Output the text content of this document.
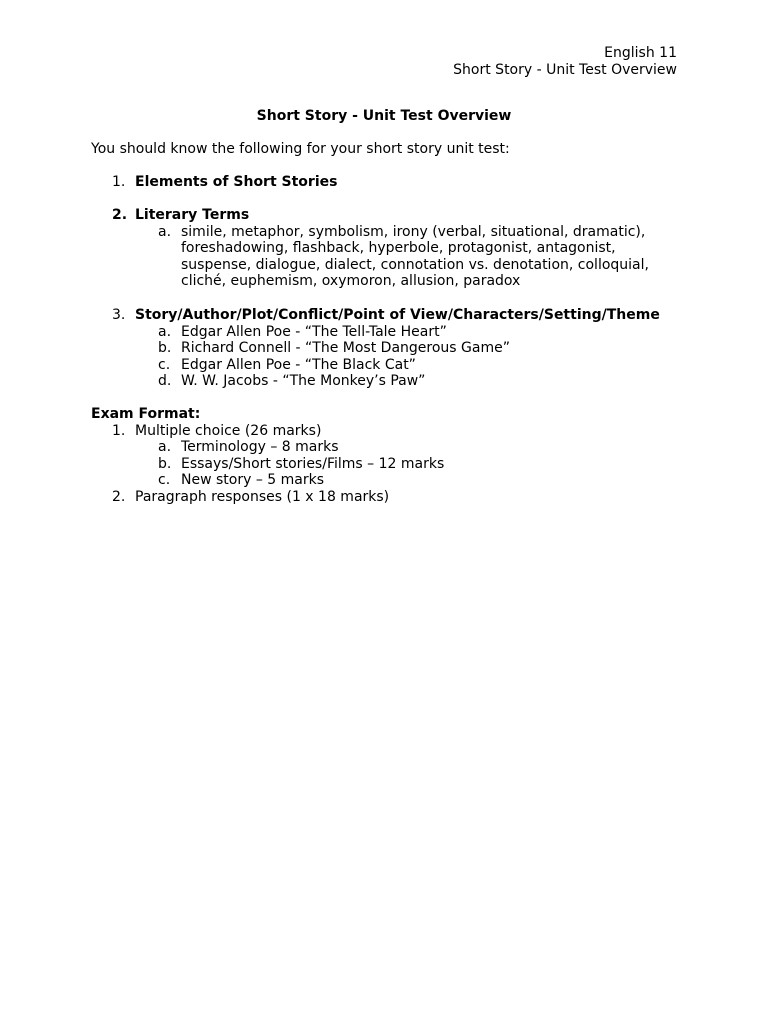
English 11
Short Story - Unit Test Overview
Short Story - Unit Test Overview
You should know the following for your short story unit test:
1. Elements of Short Stories
2. Literary Terms
a. simile, metaphor, symbolism, irony (verbal, situational, dramatic),
foreshadowing, flashback, hyperbole, protagonist, antagonist,
suspense, dialogue, dialect, connotation vs. denotation, colloquial,
cliché, euphemism, oxymoron, allusion, paradox
3. Story/Author/Plot/Conflict/Point of View/Characters/Setting/Theme
a. Edgar Allen Poe - “The Tell-Tale Heart”
b. Richard Connell - “The Most Dangerous Game”
c. Edgar Allen Poe - “The Black Cat”
d. W. W. Jacobs - “The Monkey’s Paw”
Exam Format:
1. Multiple choice (26 marks)
a. Terminology – 8 marks
b. Essays/Short stories/Films – 12 marks
c. New story – 5 marks
2. Paragraph responses (1 x 18 marks)
